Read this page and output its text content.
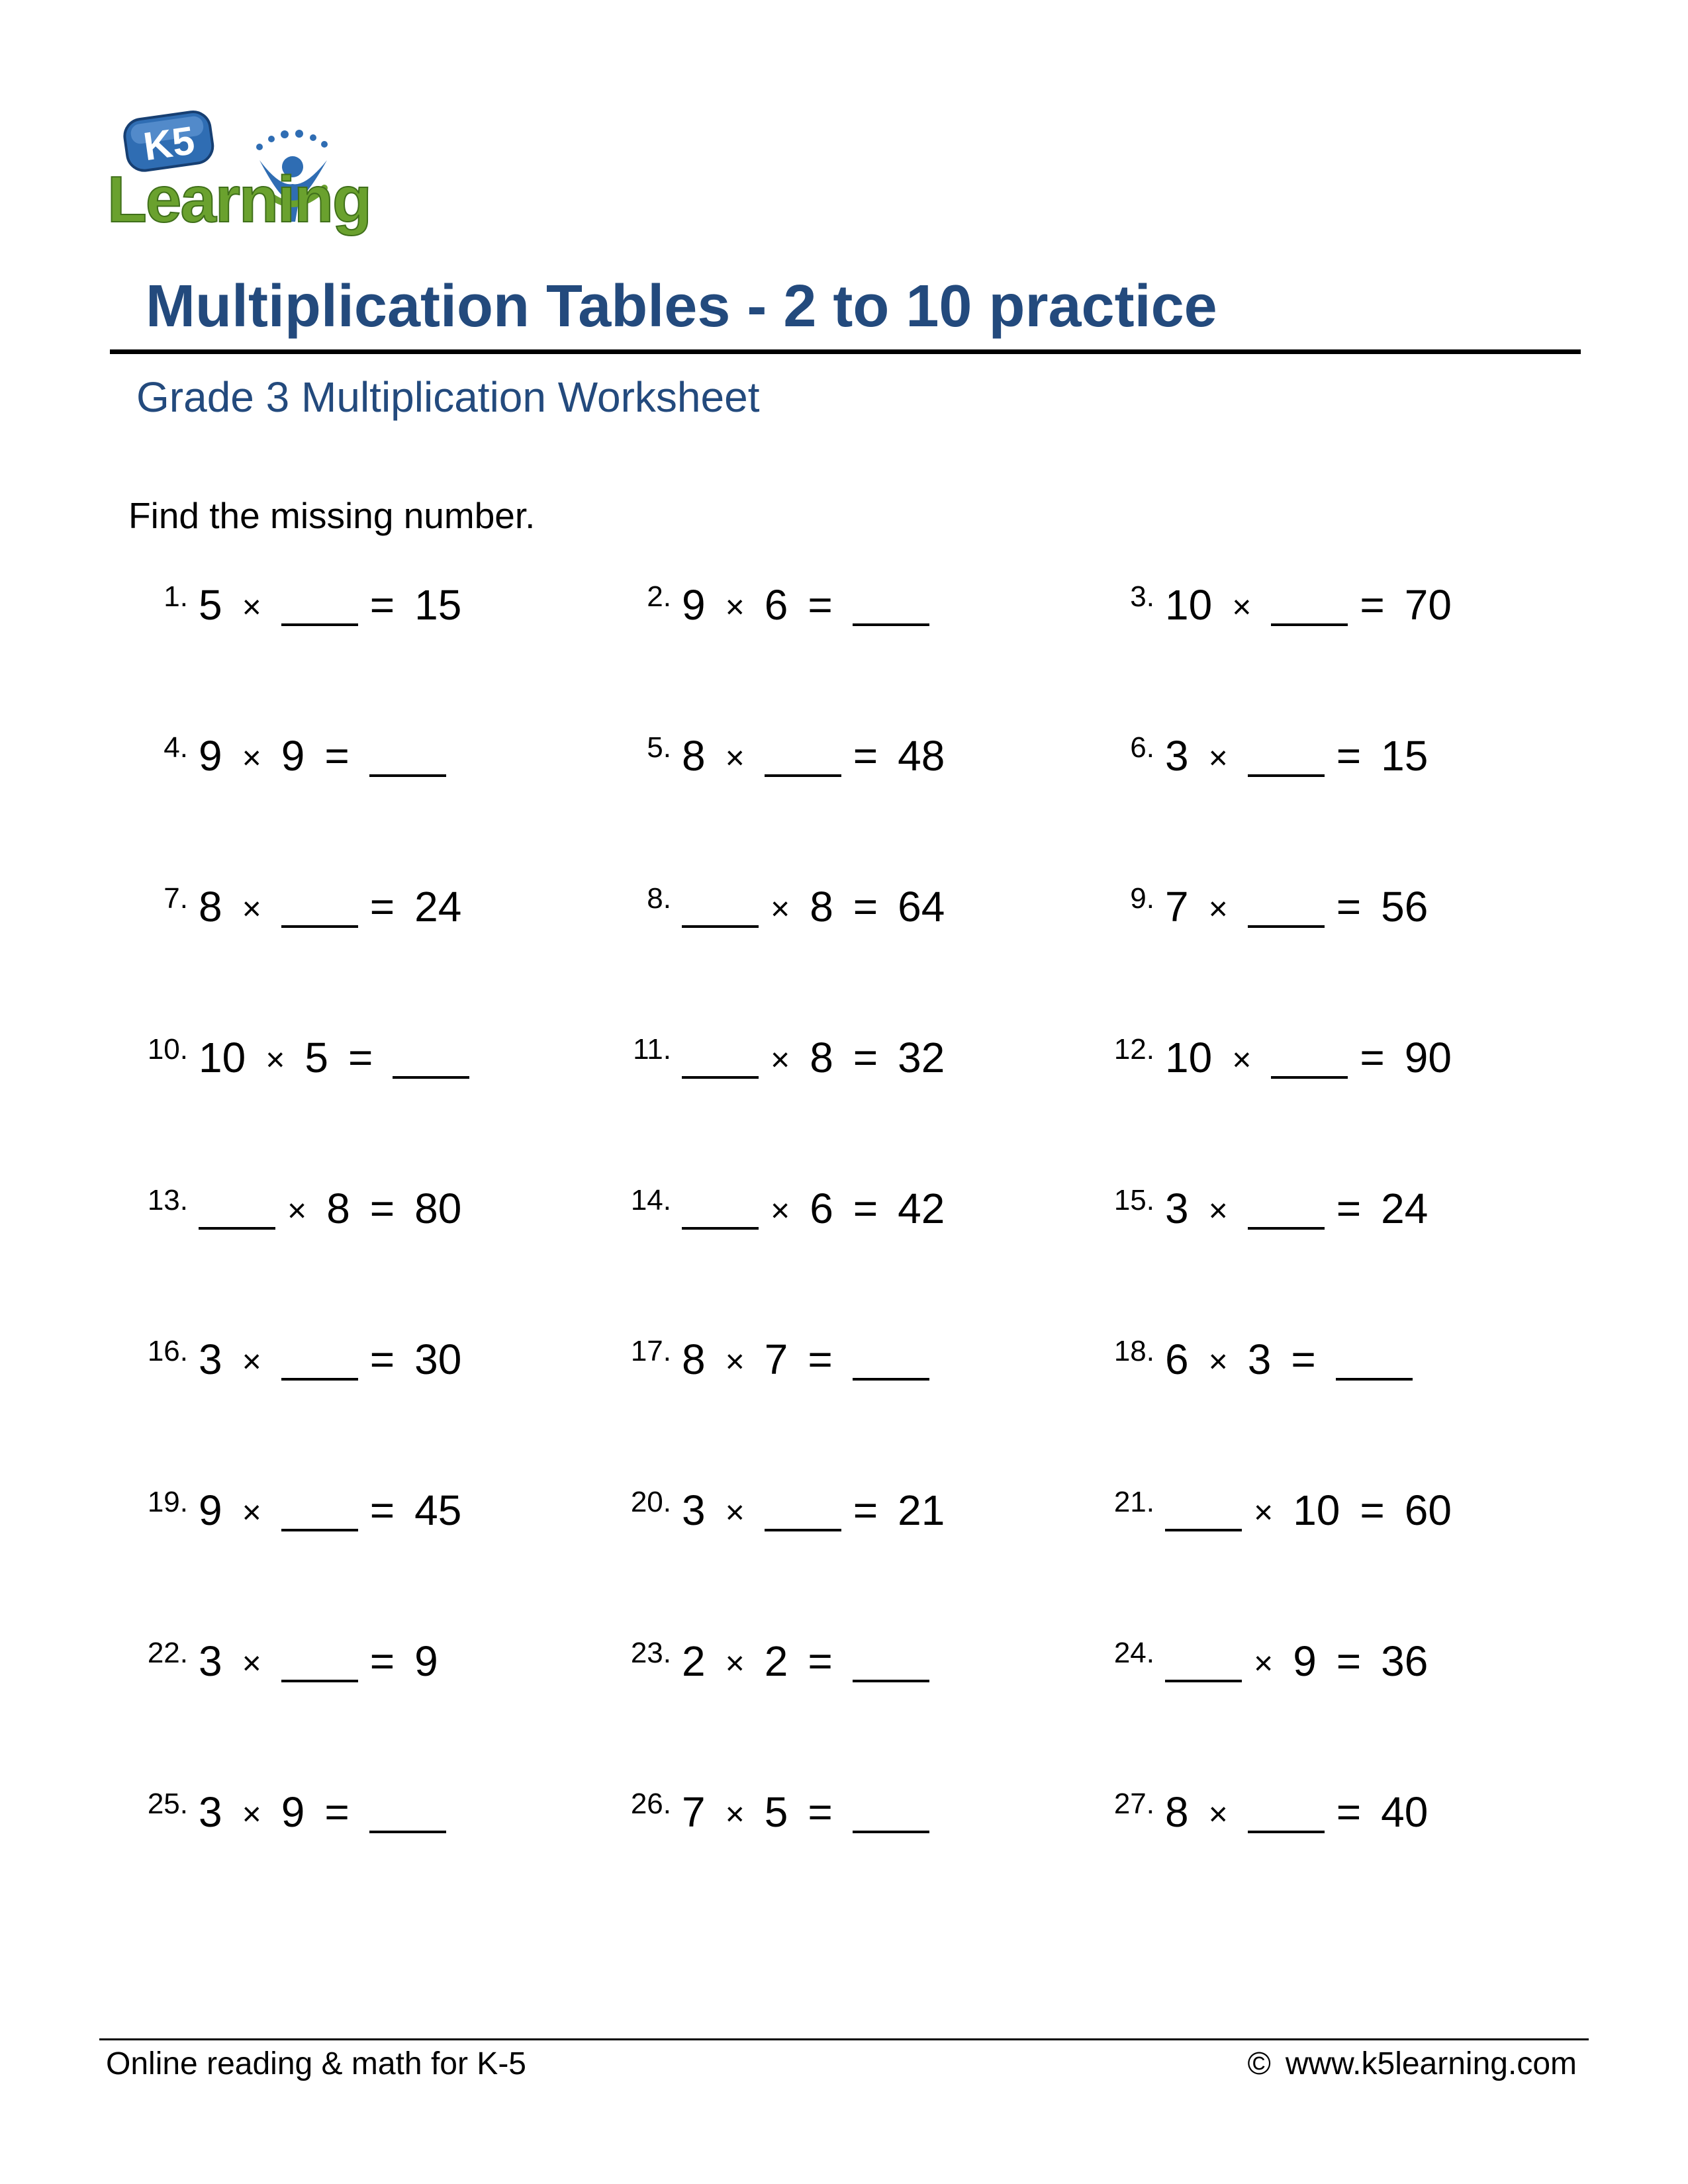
K5
Learning
Multiplication Tables - 2 to 10 practice
Grade 3 Multiplication Worksheet
Find the missing number.
1. 5 ×	= 15	2. 9 × 6 =	3. 10 ×	= 70
4. 9 × 9 =	5. 8 ×	= 48	6. 3 ×	= 15
7. 8 ×	= 24	8.	× 8 = 64	9. 7 ×	= 56
10. 10 × 5 =	11.	× 8 = 32	12. 10 ×	= 90
13.	× 8 = 80	14.	× 6 = 42	15. 3 ×	= 24
16. 3 ×	= 30	17. 8 × 7 =	18. 6 × 3 =
19. 9 ×	= 45	20. 3 ×	= 21	21.	× 10 = 60
22. 3 ×	= 9	23. 2 × 2 =	24.	× 9 = 36
25. 3 × 9 =	26. 7 × 5 =	27. 8 ×	= 40
Online reading & math for K-5	© www.k5learning.com
